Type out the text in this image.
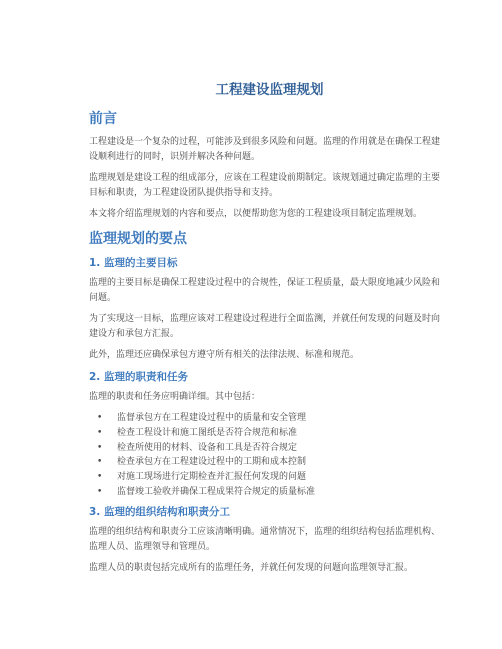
工程建设监理规划
前言

工程建设是一个复杂的过程，可能涉及到很多风险和问题。监理的作用就是在确保工程建设顺利进行的同时，识别并解决各种问题。

监理规划是建设工程的组成部分，应该在工程建设前期制定。该规划通过确定监理的主要目标和职责，为工程建设团队提供指导和支持。

本文将介绍监理规划的内容和要点，以便帮助您为您的工程建设项目制定监理规划。

监理规划的要点
1. 监理的主要目标

监理的主要目标是确保工程建设过程中的合规性，保证工程质量，最大限度地减少风险和问题。

为了实现这一目标，监理应该对工程建设过程进行全面监测，并就任何发现的问题及时向建设方和承包方汇报。

此外，监理还应确保承包方遵守所有相关的法律法规、标准和规范。

2. 监理的职责和任务

监理的职责和任务应明确详细。其中包括：

• 监督承包方在工程建设过程中的质量和安全管理
• 检查工程设计和施工图纸是否符合规范和标准
• 检查所使用的材料、设备和工具是否符合规定
• 检查承包方在工程建设过程中的工期和成本控制
• 对施工现场进行定期检查并汇报任何发现的问题
• 监督竣工验收并确保工程成果符合规定的质量标准
3. 监理的组织结构和职责分工

监理的组织结构和职责分工应该清晰明确。通常情况下，监理的组织结构包括监理机构、监理人员、监理领导和管理员。

监理人员的职责包括完成所有的监理任务，并就任何发现的问题向监理领导汇报。
